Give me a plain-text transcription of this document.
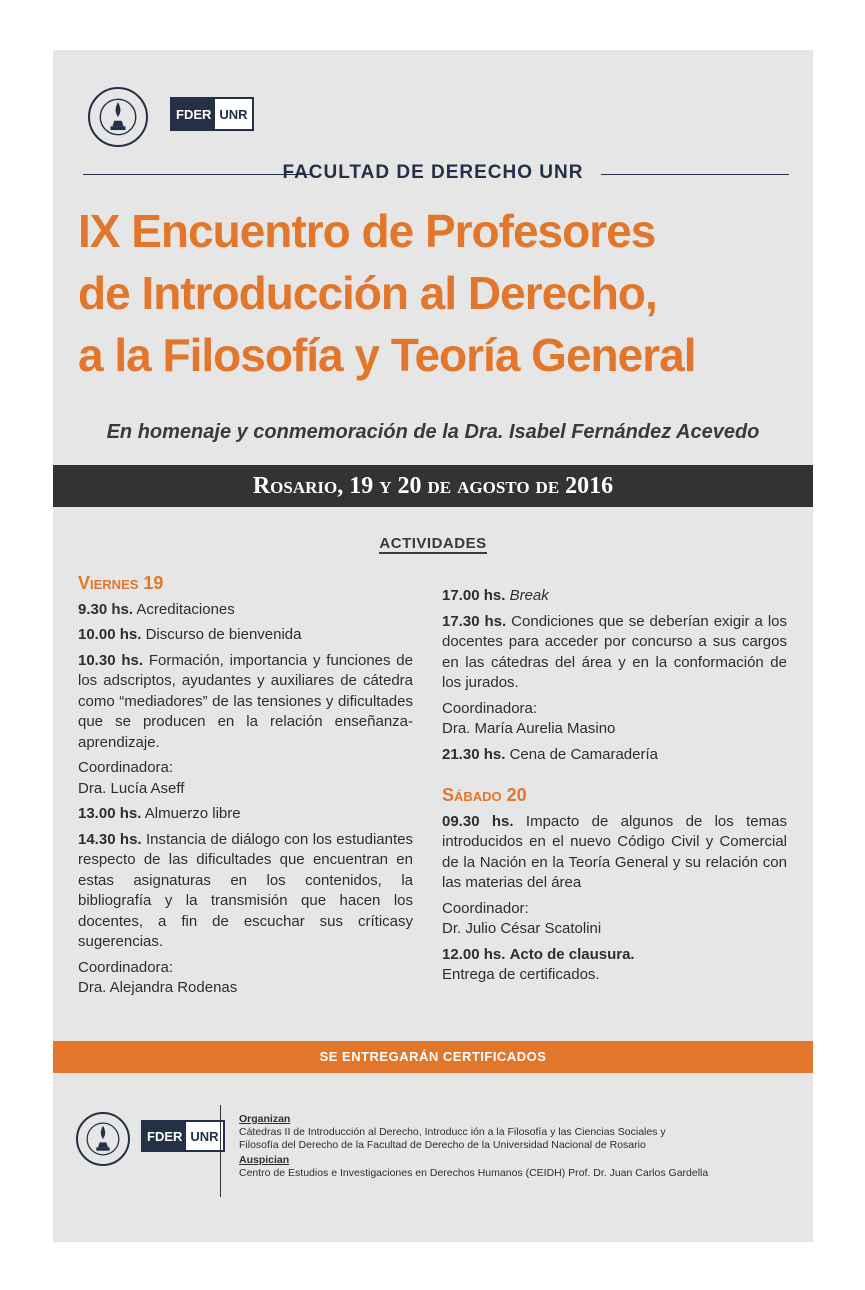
FDER UNR
FACULTAD DE DERECHO UNR
IX Encuentro de Profesores
de Introducción al Derecho,
a la Filosofía y Teoría General
En homenaje y conmemoración de la Dra. Isabel Fernández Acevedo
Rosario, 19 y 20 de agosto de 2016
ACTIVIDADES
Viernes 19
9.30 hs. Acreditaciones
10.00 hs. Discurso de bienvenida
10.30 hs. Formación, importancia y funciones de los adscriptos, ayudantes y auxiliares de cátedra como “mediadores” de las tensiones y dificultades que se producen en la relación enseñanza-aprendizaje.
Coordinadora:
Dra. Lucía Aseff
13.00 hs. Almuerzo libre
14.30 hs. Instancia de diálogo con los estudiantes respecto de las dificultades que encuentran en estas asignaturas en los contenidos, la bibliografía y la transmisión que hacen los docentes, a fin de escuchar sus críticasy sugerencias.
Coordinadora:
Dra. Alejandra Rodenas
17.00 hs. Break
17.30 hs. Condiciones que se deberían exigir a los docentes para acceder por concurso a sus cargos en las cátedras del área y en la conformación de los jurados.
Coordinadora:
Dra. María Aurelia Masino
21.30 hs. Cena de Camaradería
Sábado 20
09.30 hs. Impacto de algunos de los temas introducidos en el nuevo Código Civil y Comercial de la Nación en la Teoría General y su relación con las materias del área
Coordinador:
Dr. Julio César Scatolini
12.00 hs. Acto de clausura.
Entrega de certificados.
SE ENTREGARÁN CERTIFICADOS
FDER UNR
Organizan
Cátedras II de Introducción al Derecho, Introducc ión a la Filosofía y las Ciencias Sociales y
Filosofía del Derecho de la Facultad de Derecho de la Universidad Nacional de Rosario
Auspician
Centro de Estudios e Investigaciones en Derechos Humanos (CEIDH) Prof. Dr. Juan Carlos Gardella
